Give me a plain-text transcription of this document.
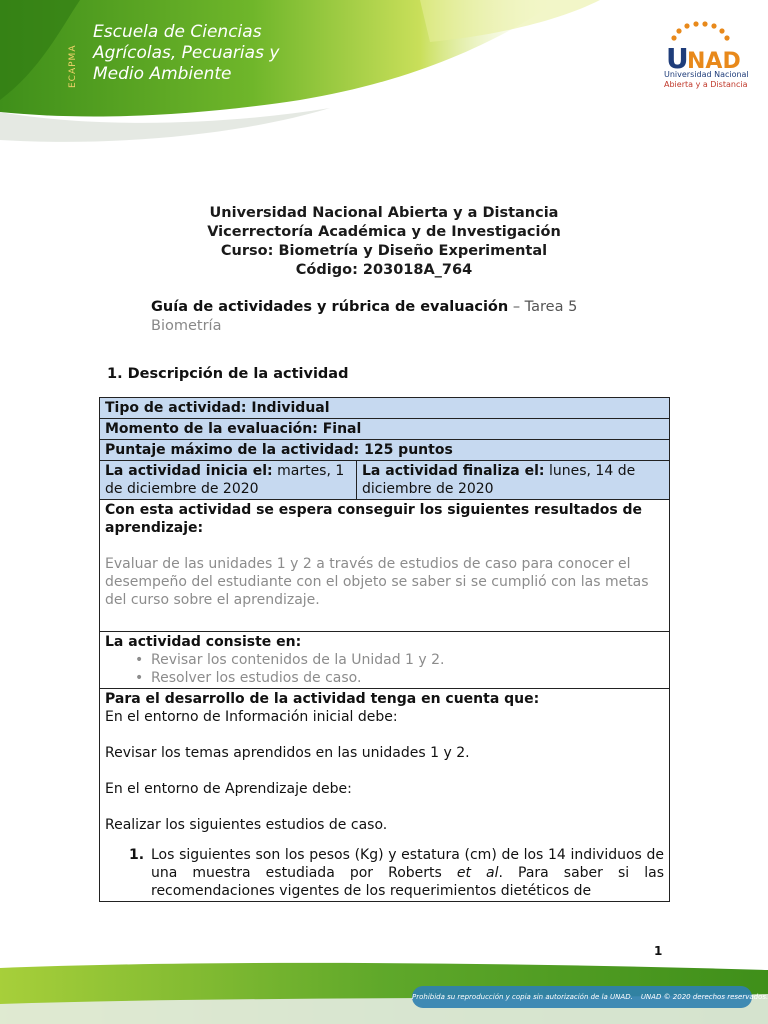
ECAPMA
Escuela de Ciencias
Agrícolas, Pecuarias y
Medio Ambiente	U
NAD
Universidad Nacional
Abierta y a Distancia
Universidad Nacional Abierta y a Distancia
Vicerrectoría Académica y de Investigación
Curso: Biometría y Diseño Experimental
Código: 203018A_764
Guía de actividades y rúbrica de evaluación – Tarea 5
Biometría
1. Descripción de la actividad
Tipo de actividad: Individual
Momento de la evaluación: Final
Puntaje máximo de la actividad: 125 puntos
La actividad inicia el: martes, 1 de diciembre de 2020	La actividad finaliza el: lunes, 14 de diciembre de 2020

Con esta actividad se espera conseguir los siguientes resultados de aprendizaje:
Evaluar de las unidades 1 y 2 a través de estudios de caso para conocer el desempeño del estudiante con el objeto se saber si se cumplió con las metas del curso sobre el aprendizaje.

La actividad consiste en:
• Revisar los contenidos de la Unidad 1 y 2.
• Resolver los estudios de caso.

Para el desarrollo de la actividad tenga en cuenta que:
En el entorno de Información inicial debe:
Revisar los temas aprendidos en las unidades 1 y 2.
En el entorno de Aprendizaje debe:
Realizar los siguientes estudios de caso.
1. Los siguientes son los pesos (Kg) y estatura (cm) de los 14 individuos de una muestra estudiada por Roberts et al. Para saber si las recomendaciones vigentes de los requerimientos dietéticos de
1
Prohibida su reproducción y copia sin autorización de la UNAD. UNAD © 2020 derechos reservados.
